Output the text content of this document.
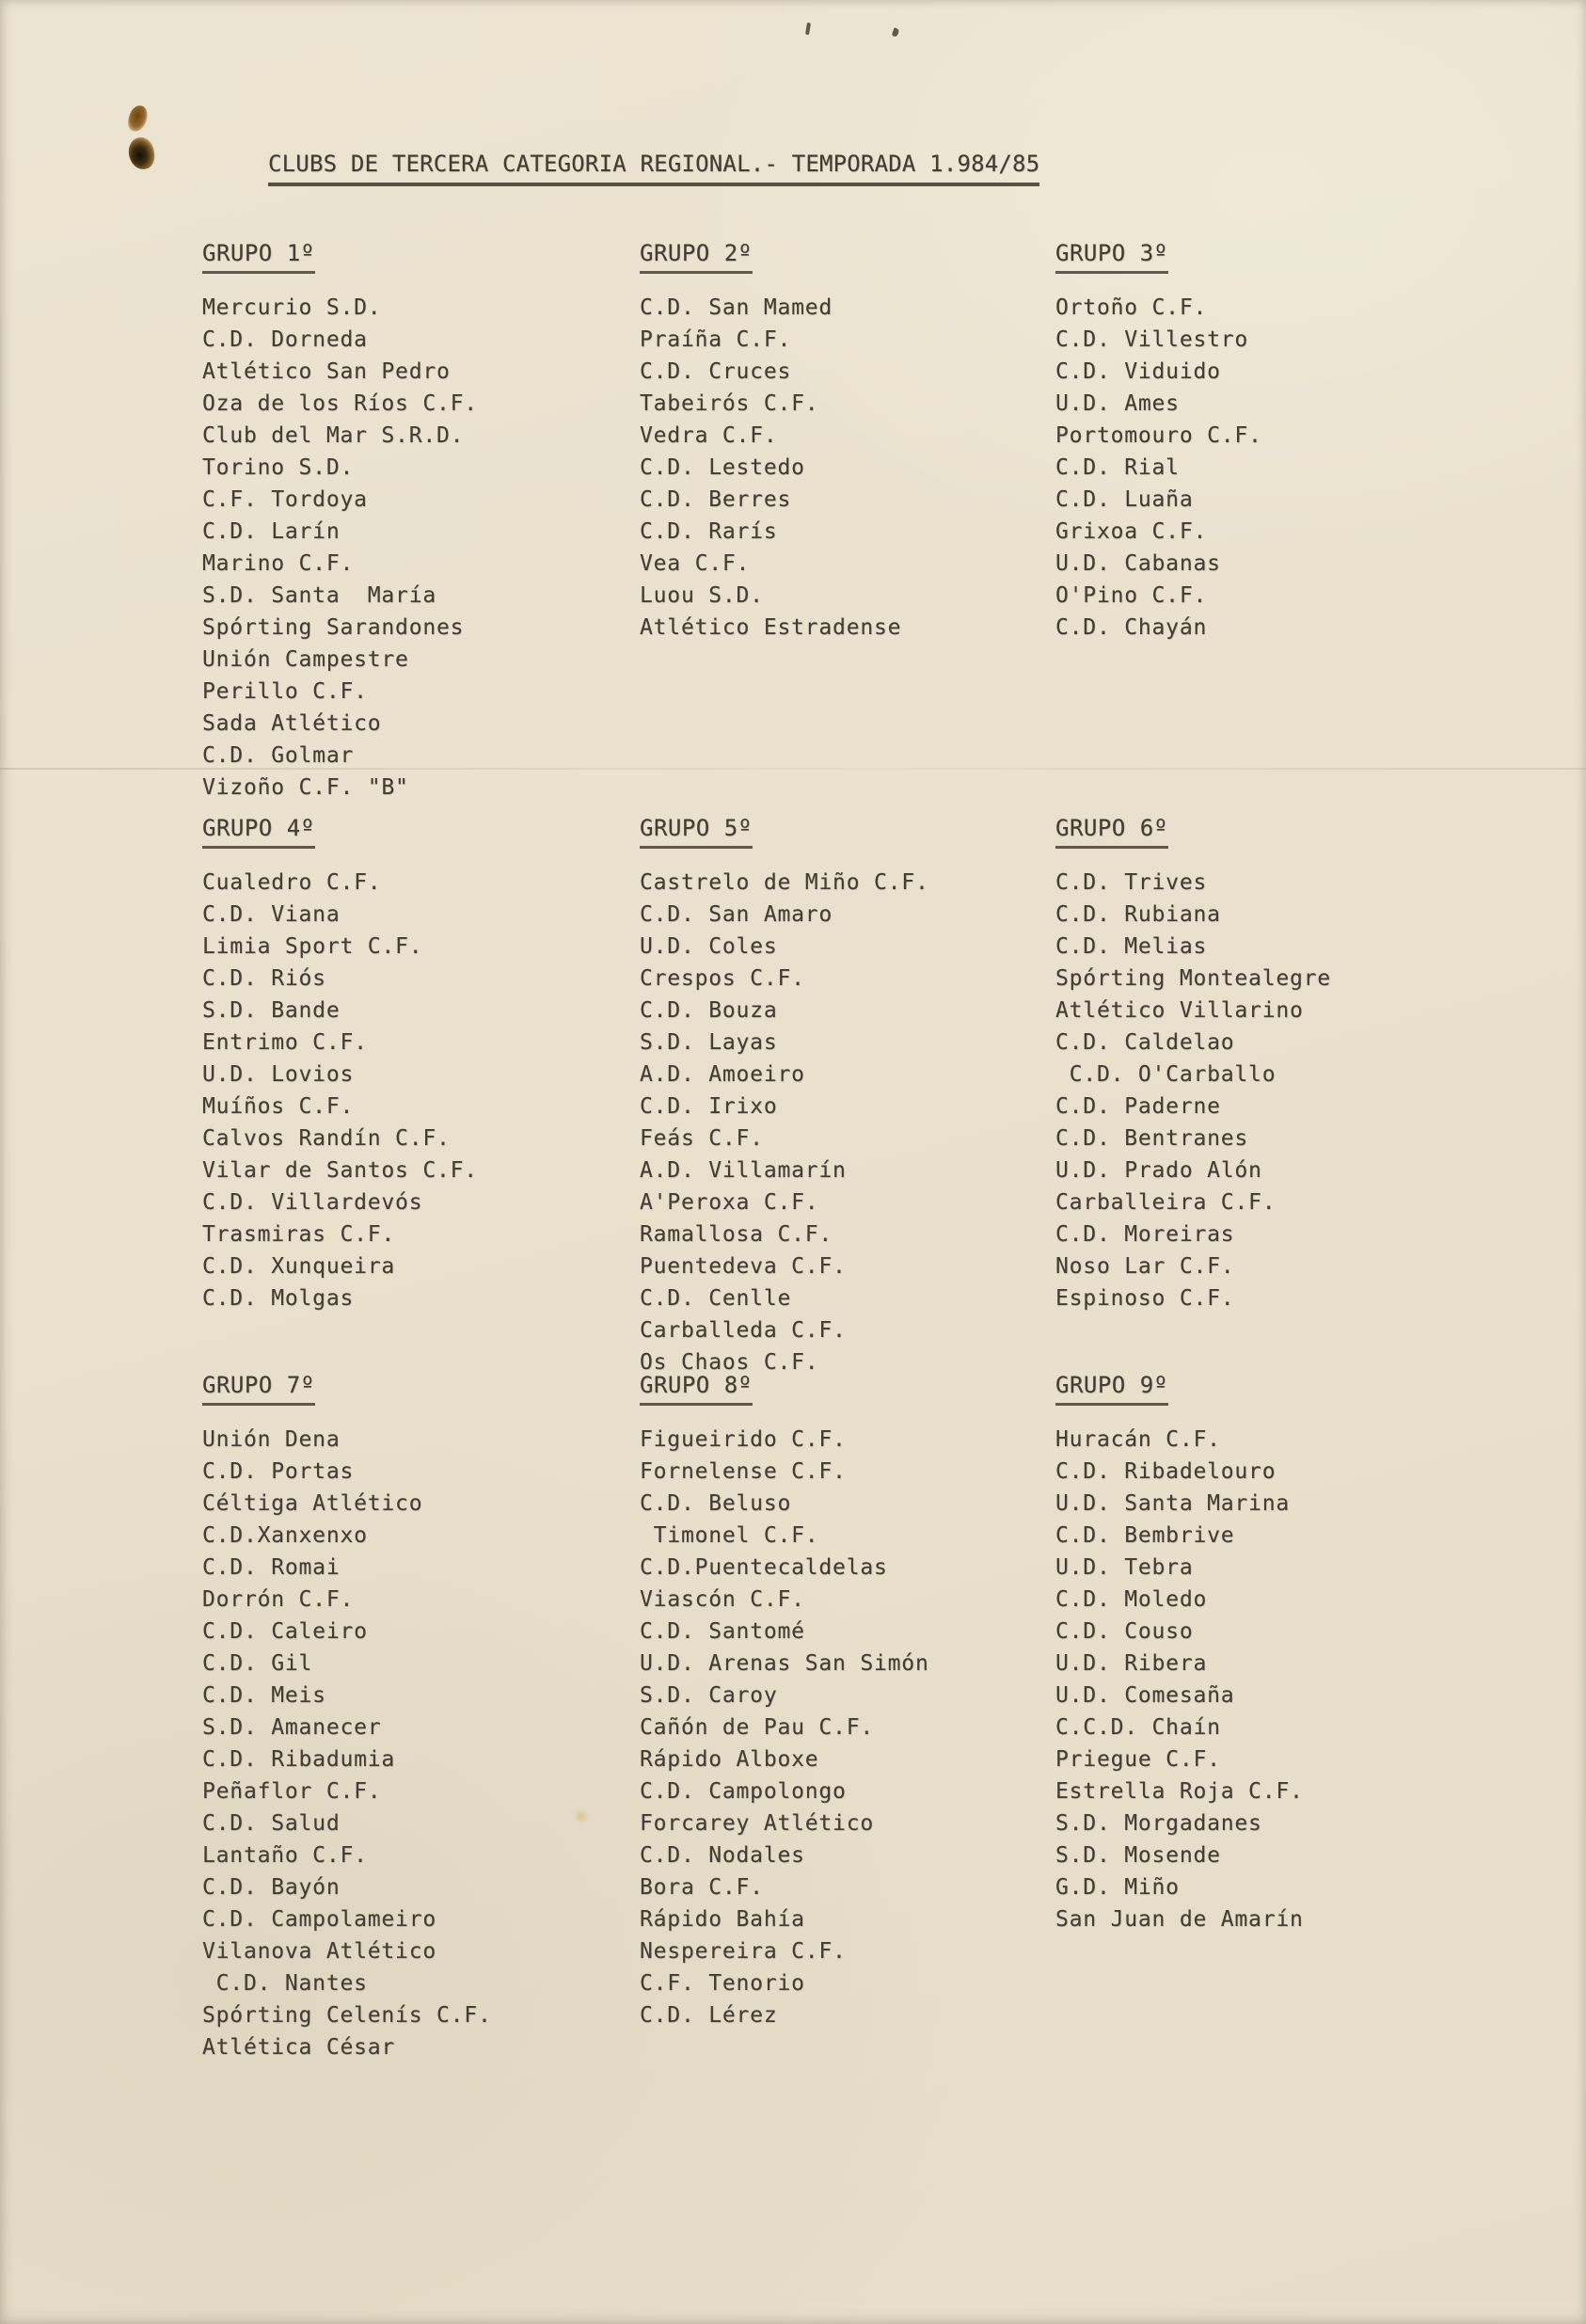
CLUBS DE TERCERA CATEGORIA REGIONAL.- TEMPORADA 1.984/85
GRUPO 1º
Mercurio S.D.
C.D. Dorneda
Atlético San Pedro
Oza de los Ríos C.F.
Club del Mar S.R.D.
Torino S.D.
C.F. Tordoya
C.D. Larín
Marino C.F.
S.D. Santa  María
Spórting Sarandones
Unión Campestre
Perillo C.F.
Sada Atlético
C.D. Golmar
Vizoño C.F. "B"
GRUPO 2º
C.D. San Mamed
Praíña C.F.
C.D. Cruces
Tabeirós C.F.
Vedra C.F.
C.D. Lestedo
C.D. Berres
C.D. Rarís
Vea C.F.
Luou S.D.
Atlético Estradense
GRUPO 3º
Ortoño C.F.
C.D. Villestro
C.D. Viduido
U.D. Ames
Portomouro C.F.
C.D. Rial
C.D. Luaña
Grixoa C.F.
U.D. Cabanas
O'Pino C.F.
C.D. Chayán
GRUPO 4º
Cualedro C.F.
C.D. Viana
Limia Sport C.F.
C.D. Riós
S.D. Bande
Entrimo C.F.
U.D. Lovios
Muíños C.F.
Calvos Randín C.F.
Vilar de Santos C.F.
C.D. Villardevós
Trasmiras C.F.
C.D. Xunqueira
C.D. Molgas
GRUPO 5º
Castrelo de Miño C.F.
C.D. San Amaro
U.D. Coles
Crespos C.F.
C.D. Bouza
S.D. Layas
A.D. Amoeiro
C.D. Irixo
Feás C.F.
A.D. Villamarín
A'Peroxa C.F.
Ramallosa C.F.
Puentedeva C.F.
C.D. Cenlle
Carballeda C.F.
Os Chaos C.F.
GRUPO 6º
C.D. Trives
C.D. Rubiana
C.D. Melias
Spórting Montealegre
Atlético Villarino
C.D. Caldelao
C.D. O'Carballo
C.D. Paderne
C.D. Bentranes
U.D. Prado Alón
Carballeira C.F.
C.D. Moreiras
Noso Lar C.F.
Espinoso C.F.
GRUPO 7º
Unión Dena
C.D. Portas
Céltiga Atlético
C.D.Xanxenxo
C.D. Romai
Dorrón C.F.
C.D. Caleiro
C.D. Gil
C.D. Meis
S.D. Amanecer
C.D. Ribadumia
Peñaflor C.F.
C.D. Salud
Lantaño C.F.
C.D. Bayón
C.D. Campolameiro
Vilanova Atlético
C.D. Nantes
Spórting Celenís C.F.
Atlética César
GRUPO 8º
Figueirido C.F.
Fornelense C.F.
C.D. Beluso
Timonel C.F.
C.D.Puentecaldelas
Viascón C.F.
C.D. Santomé
U.D. Arenas San Simón
S.D. Caroy
Cañón de Pau C.F.
Rápido Alboxe
C.D. Campolongo
Forcarey Atlético
C.D. Nodales
Bora C.F.
Rápido Bahía
Nespereira C.F.
C.F. Tenorio
C.D. Lérez
GRUPO 9º
Huracán C.F.
C.D. Ribadelouro
U.D. Santa Marina
C.D. Bembrive
U.D. Tebra
C.D. Moledo
C.D. Couso
U.D. Ribera
U.D. Comesaña
C.C.D. Chaín
Priegue C.F.
Estrella Roja C.F.
S.D. Morgadanes
S.D. Mosende
G.D. Miño
San Juan de Amarín
